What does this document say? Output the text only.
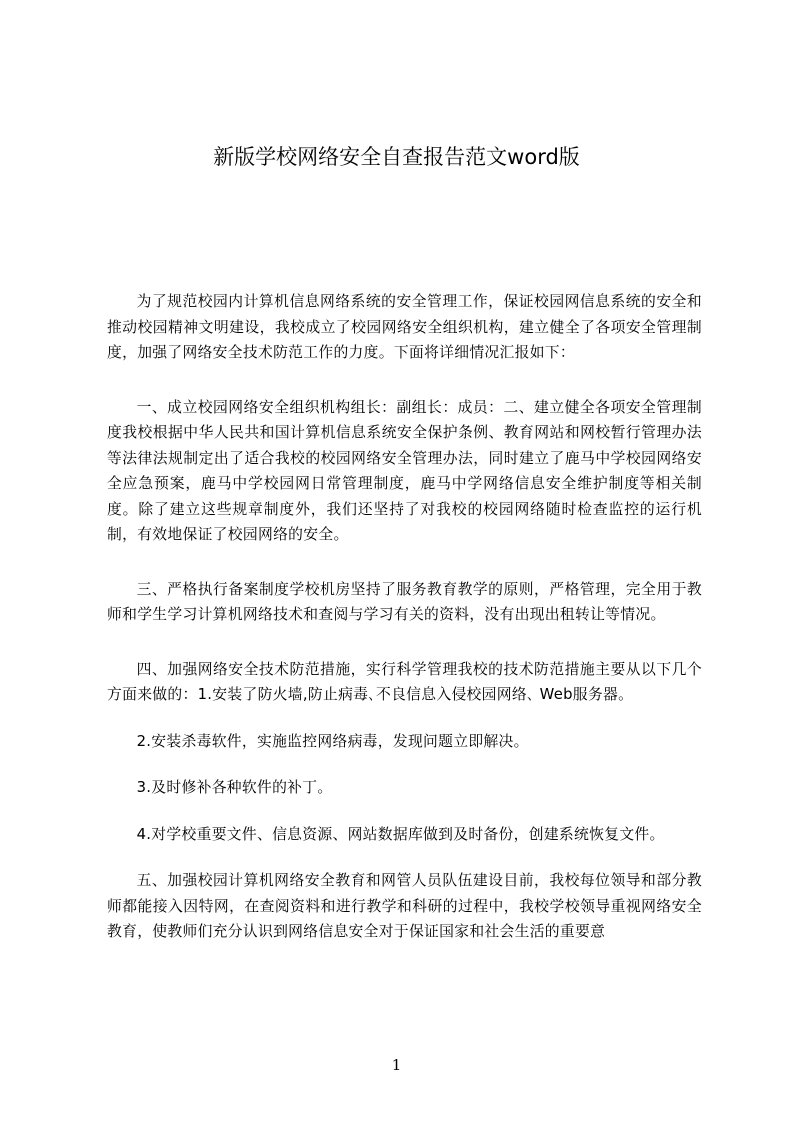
新版学校网络安全自查报告范文word版

为了规范校园内计算机信息网络系统的安全管理工作，保证校园网信息系统的安全和推动校园精神文明建设，我校成立了校园网络安全组织机构，建立健全了各项安全管理制度，加强了网络安全技术防范工作的力度。下面将详细情况汇报如下：

一、成立校园网络安全组织机构组长：副组长：成员：二、建立健全各项安全管理制度我校根据中华人民共和国计算机信息系统安全保护条例、教育网站和网校暂行管理办法等法律法规制定出了适合我校的校园网络安全管理办法，同时建立了鹿马中学校园网络安全应急预案，鹿马中学校园网日常管理制度，鹿马中学网络信息安全维护制度等相关制度。除了建立这些规章制度外，我们还坚持了对我校的校园网络随时检查监控的运行机制，有效地保证了校园网络的安全。

三、严格执行备案制度学校机房坚持了服务教育教学的原则，严格管理，完全用于教师和学生学习计算机网络技术和查阅与学习有关的资料，没有出现出租转让等情况。

四、加强网络安全技术防范措施，实行科学管理我校的技术防范措施主要从以下几个方面来做的：1.安装了防火墙,防止病毒､不良信息入侵校园网络､ Web服务器。

2.安装杀毒软件，实施监控网络病毒，发现问题立即解决。

3.及时修补各种软件的补丁。

4.对学校重要文件、信息资源、网站数据库做到及时备份，创建系统恢复文件。

五、加强校园计算机网络安全教育和网管人员队伍建设目前，我校每位领导和部分教师都能接入因特网，在查阅资料和进行教学和科研的过程中，我校学校领导重视网络安全教育，使教师们充分认识到网络信息安全对于保证国家和社会生活的重要意

1
